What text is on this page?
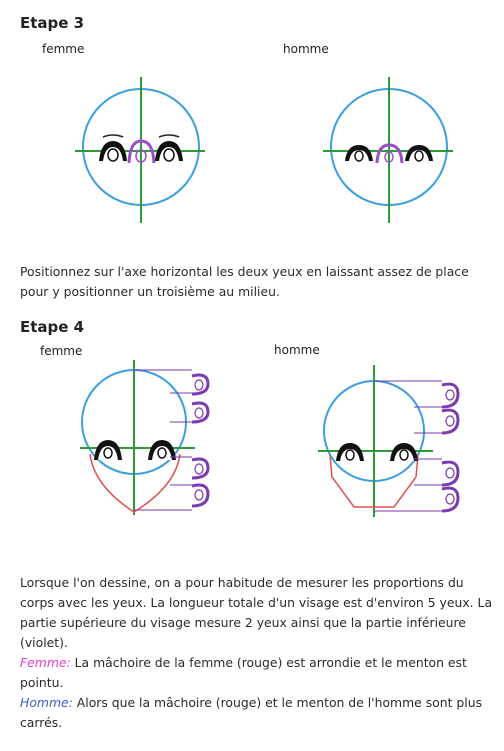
Etape 3
femme	homme
Positionnez sur l'axe horizontal les deux yeux en laissant assez de place pour y positionner un troisième au milieu.
Etape 4
femme	homme
Lorsque l'on dessine, on a pour habitude de mesurer les proportions du corps avec les yeux. La longueur totale d'un visage est d'environ 5 yeux. La partie supérieure du visage mesure 2 yeux ainsi que la partie inférieure (violet).
Femme: La mâchoire de la femme (rouge) est arrondie et le menton est pointu.
Homme: Alors que la mâchoire (rouge) et le menton de l'homme sont plus carrés.
